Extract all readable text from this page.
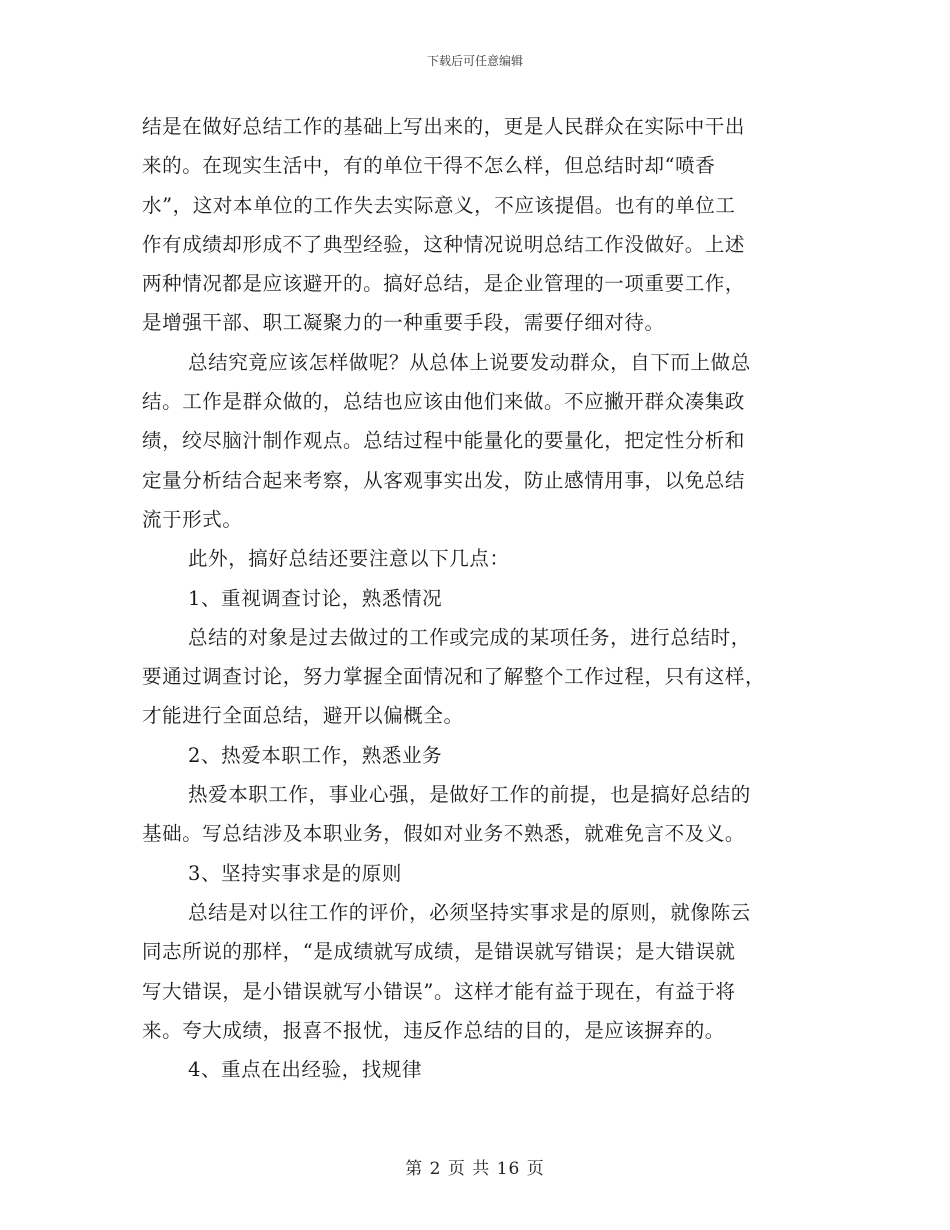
下载后可任意编辑
结是在做好总结工作的基础上写出来的，更是人民群众在实际中干出
来的。在现实生活中，有的单位干得不怎么样，但总结时却“喷香
水”，这对本单位的工作失去实际意义，不应该提倡。也有的单位工
作有成绩却形成不了典型经验，这种情况说明总结工作没做好。上述
两种情况都是应该避开的。搞好总结，是企业管理的一项重要工作，
是增强干部、职工凝聚力的一种重要手段，需要仔细对待。
总结究竟应该怎样做呢？从总体上说要发动群众，自下而上做总
结。工作是群众做的，总结也应该由他们来做。不应撇开群众凑集政
绩，绞尽脑汁制作观点。总结过程中能量化的要量化，把定性分析和
定量分析结合起来考察，从客观事实出发，防止感情用事，以免总结
流于形式。
此外，搞好总结还要注意以下几点：
1、重视调查讨论，熟悉情况
总结的对象是过去做过的工作或完成的某项任务，进行总结时，
要通过调查讨论，努力掌握全面情况和了解整个工作过程，只有这样，
才能进行全面总结，避开以偏概全。
2、热爱本职工作，熟悉业务
热爱本职工作，事业心强，是做好工作的前提，也是搞好总结的
基础。写总结涉及本职业务，假如对业务不熟悉，就难免言不及义。
3、坚持实事求是的原则
总结是对以往工作的评价，必须坚持实事求是的原则，就像陈云
同志所说的那样，“是成绩就写成绩，是错误就写错误；是大错误就
写大错误，是小错误就写小错误”。这样才能有益于现在，有益于将
来。夸大成绩，报喜不报忧，违反作总结的目的，是应该摒弃的。
4、重点在出经验，找规律
第 2 页 共 16 页
